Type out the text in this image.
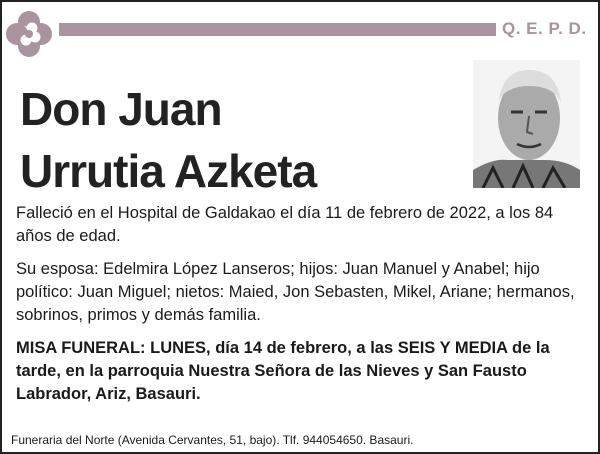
Q. E. P. D.
Don Juan
Urrutia Azketa

Falleció en el Hospital de Galdakao el día 11 de febrero de 2022, a los 84 años de edad.

Su esposa: Edelmira López Lanseros; hijos: Juan Manuel y Anabel; hijo político: Juan Miguel; nietos: Maied, Jon Sebasten, Mikel, Ariane; hermanos, sobrinos, primos y demás familia.

MISA FUNERAL: LUNES, día 14 de febrero, a las SEIS Y MEDIA de la tarde, en la parroquia Nuestra Señora de las Nieves y San Fausto Labrador, Ariz, Basauri.

Funeraria del Norte (Avenida Cervantes, 51, bajo). Tlf. 944054650. Basauri.
